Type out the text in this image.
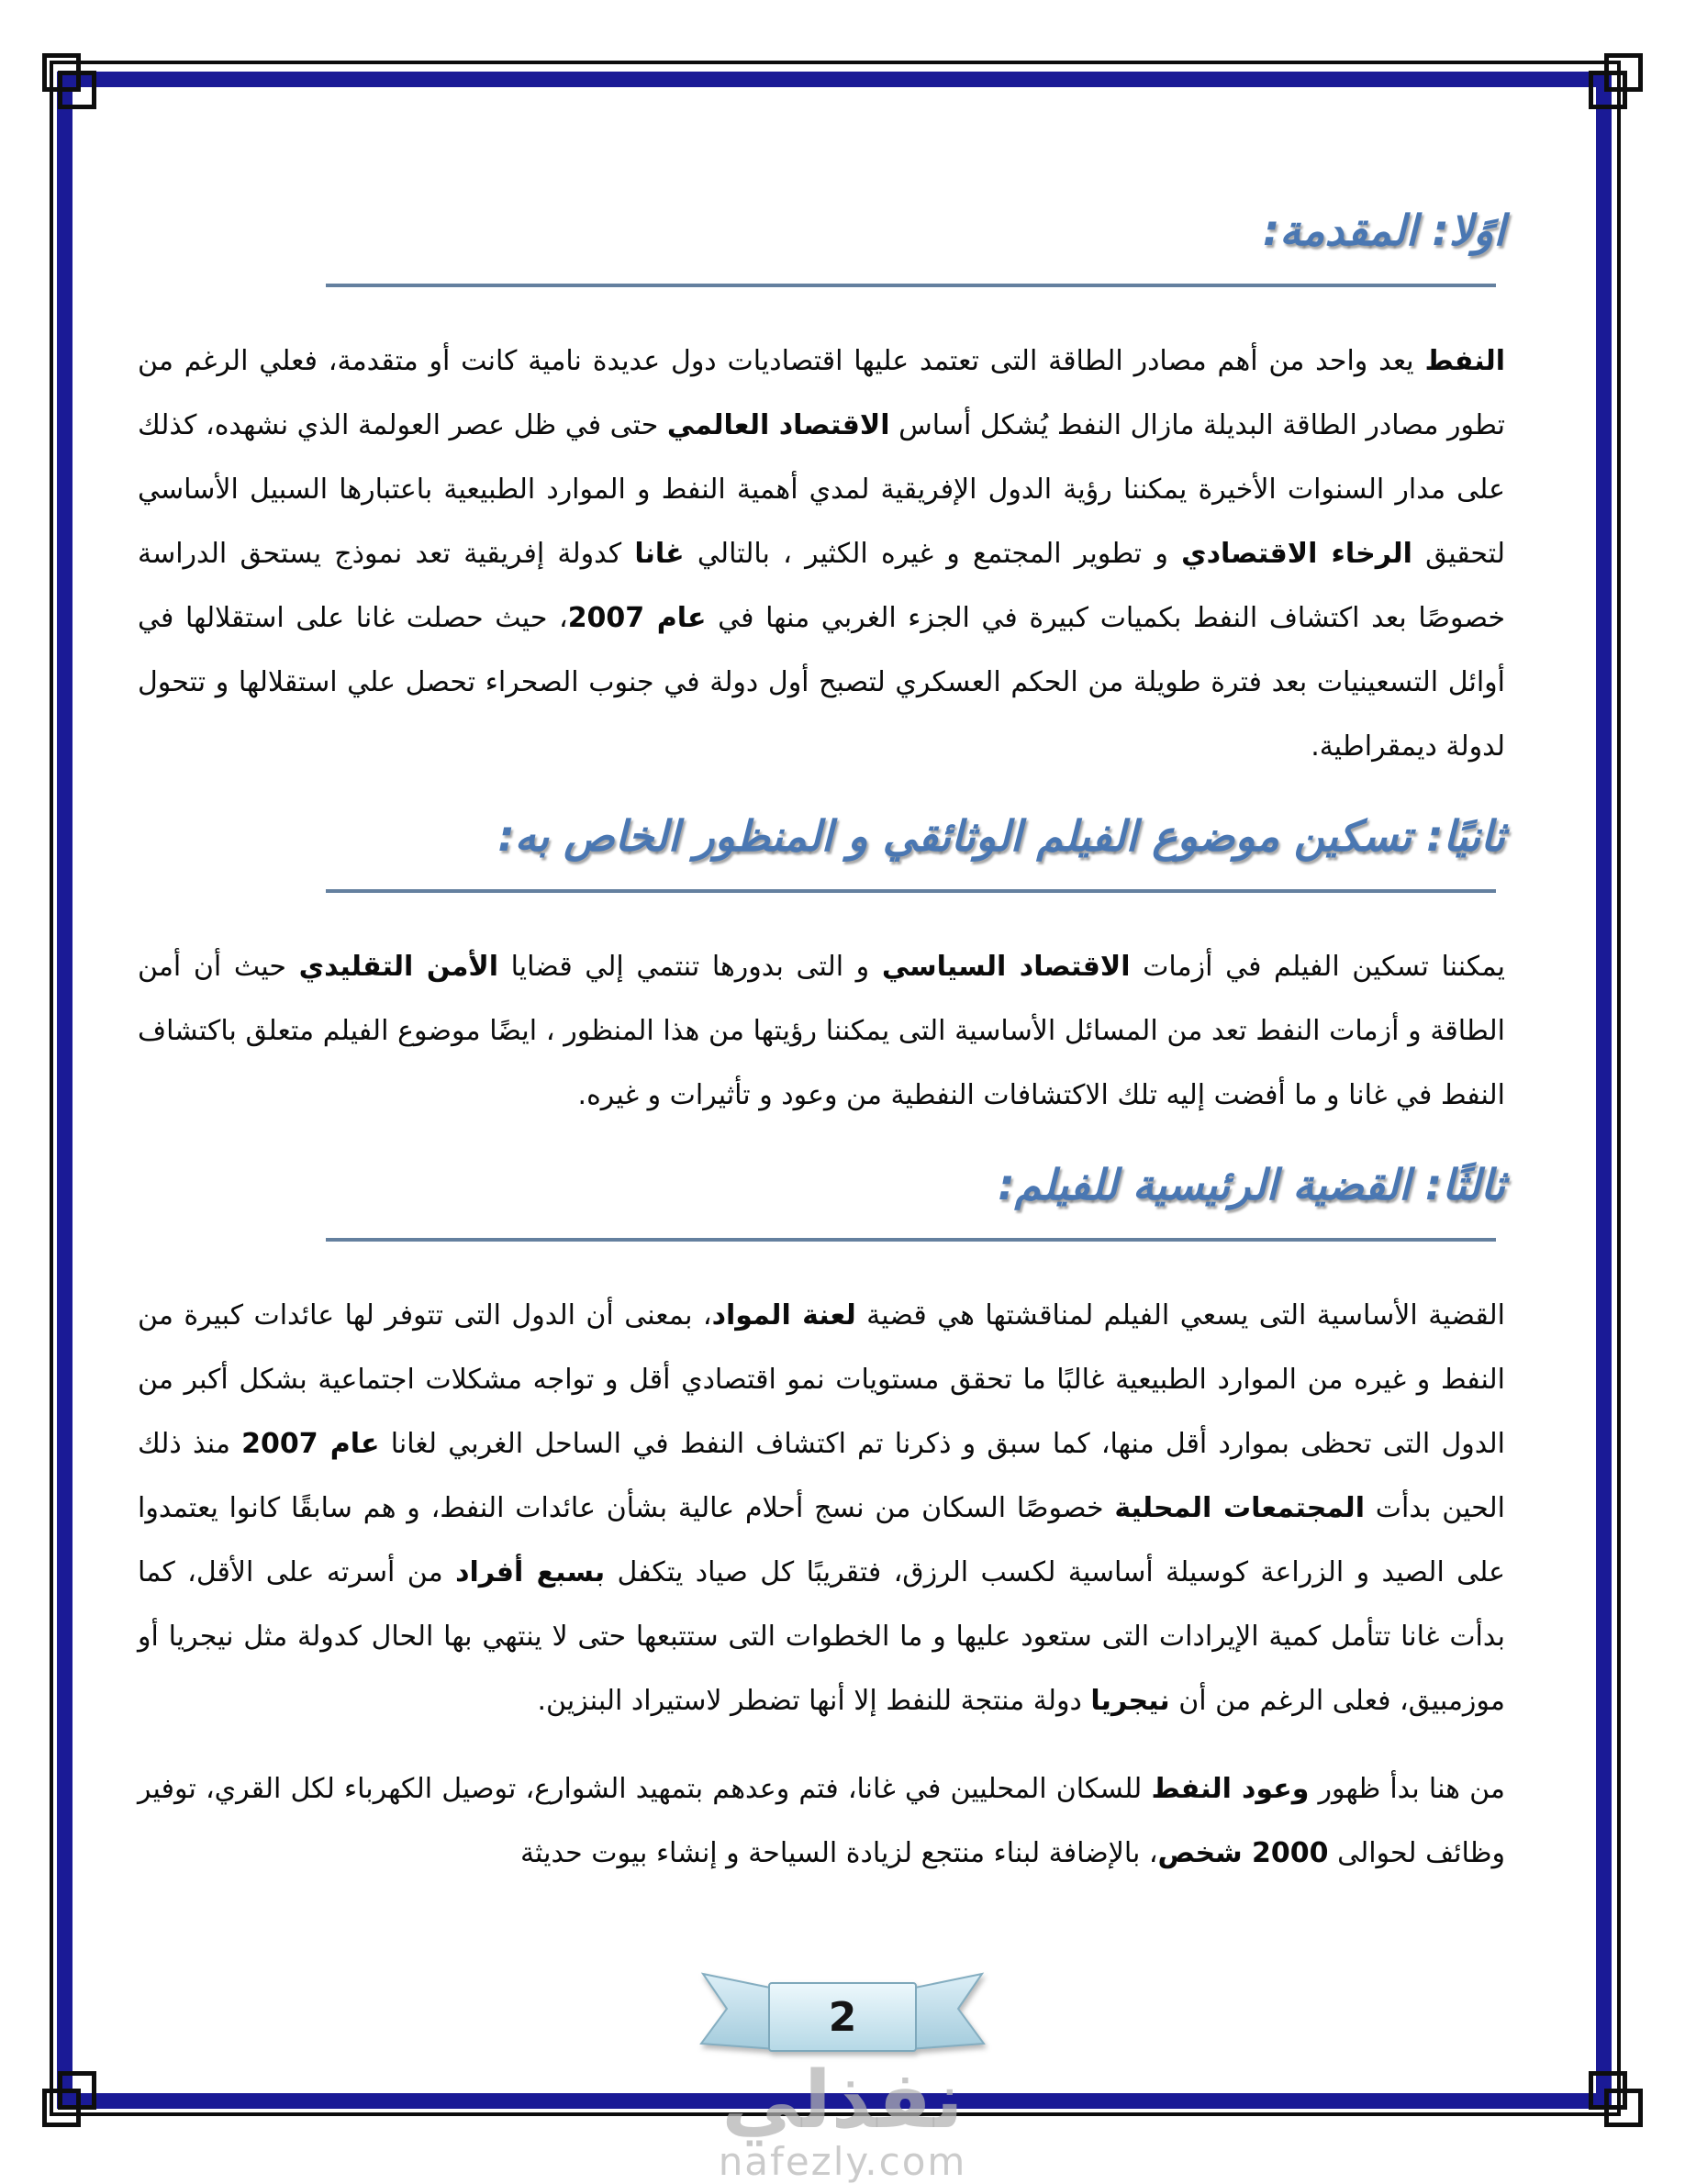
اوًلا: المقدمة:

النفط يعد واحد من أهم مصادر الطاقة التى تعتمد عليها اقتصاديات دول عديدة نامية كانت أو متقدمة، فعلي الرغم من تطور مصادر الطاقة البديلة مازال النفط يُشكل أساس الاقتصاد العالمي حتى في ظل عصر العولمة الذي نشهده، كذلك على مدار السنوات الأخيرة يمكننا رؤية الدول الإفريقية لمدي أهمية النفط و الموارد الطبيعية باعتبارها السبيل الأساسي لتحقيق الرخاء الاقتصادي و تطوير المجتمع و غيره الكثير ، بالتالي غانا كدولة إفريقية تعد نموذج يستحق الدراسة خصوصًا بعد اكتشاف النفط بكميات كبيرة في الجزء الغربي منها في عام 2007، حيث حصلت غانا على استقلالها في أوائل التسعينيات بعد فترة طويلة من الحكم العسكري لتصبح أول دولة في جنوب الصحراء تحصل علي استقلالها و تتحول لدولة ديمقراطية.

ثانيًا: تسكين موضوع الفيلم الوثائقي و المنظور الخاص به:

يمكننا تسكين الفيلم في أزمات الاقتصاد السياسي و التى بدورها تنتمي إلي قضايا الأمن التقليدي حيث أن أمن الطاقة و أزمات النفط تعد من المسائل الأساسية التى يمكننا رؤيتها من هذا المنظور ، ايضًا موضوع الفيلم متعلق باكتشاف النفط في غانا و ما أفضت إليه تلك الاكتشافات النفطية من وعود و تأثيرات و غيره.

ثالثًا: القضية الرئيسية للفيلم:

القضية الأساسية التى يسعي الفيلم لمناقشتها هي قضية لعنة المواد، بمعنى أن الدول التى تتوفر لها عائدات كبيرة من النفط و غيره من الموارد الطبيعية غالبًا ما تحقق مستويات نمو اقتصادي أقل و تواجه مشكلات اجتماعية بشكل أكبر من الدول التى تحظى بموارد أقل منها، كما سبق و ذكرنا تم اكتشاف النفط في الساحل الغربي لغانا عام 2007 منذ ذلك الحين بدأت المجتمعات المحلية خصوصًا السكان من نسج أحلام عالية بشأن عائدات النفط، و هم سابقًا كانوا يعتمدوا على الصيد و الزراعة كوسيلة أساسية لكسب الرزق، فتقريبًا كل صياد يتكفل بسبع أفراد من أسرته على الأقل، كما بدأت غانا تتأمل كمية الإيرادات التى ستعود عليها و ما الخطوات التى ستتبعها حتى لا ينتهي بها الحال كدولة مثل نيجريا أو موزمبيق، فعلى الرغم من أن نيجريا دولة منتجة للنفط إلا أنها تضطر لاستيراد البنزين.

من هنا بدأ ظهور وعود النفط للسكان المحليين في غانا، فتم وعدهم بتمهيد الشوارع، توصيل الكهرباء لكل القري، توفير وظائف لحوالى 2000 شخص، بالإضافة لبناء منتجع لزيادة السياحة و إنشاء بيوت حديثة

2
نفذلي
nafezly.com
